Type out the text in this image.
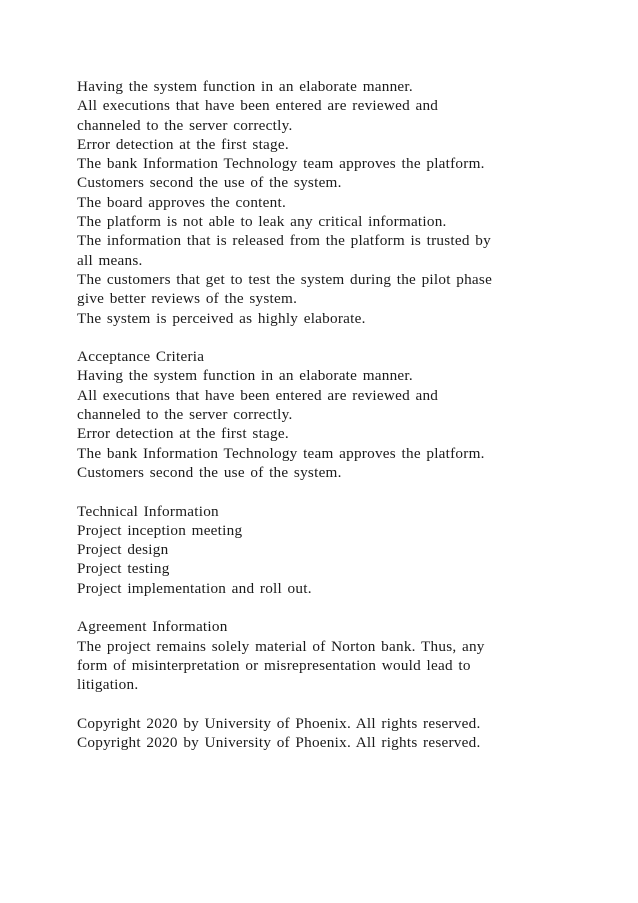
Having the system function in an elaborate manner.
All executions that have been entered are reviewed and
channeled to the server correctly.
Error detection at the first stage.
The bank Information Technology team approves the platform.
Customers second the use of the system.
The board approves the content.
The platform is not able to leak any critical information.
The information that is released from the platform is trusted by
all means.
The customers that get to test the system during the pilot phase
give better reviews of the system.
The system is perceived as highly elaborate.
Acceptance Criteria
Having the system function in an elaborate manner.
All executions that have been entered are reviewed and
channeled to the server correctly.
Error detection at the first stage.
The bank Information Technology team approves the platform.
Customers second the use of the system.
Technical Information
Project inception meeting
Project design
Project testing
Project implementation and roll out.
Agreement Information
The project remains solely material of Norton bank. Thus, any
form of misinterpretation or misrepresentation would lead to
litigation.
Copyright 2020 by University of Phoenix. All rights reserved.
Copyright 2020 by University of Phoenix. All rights reserved.
